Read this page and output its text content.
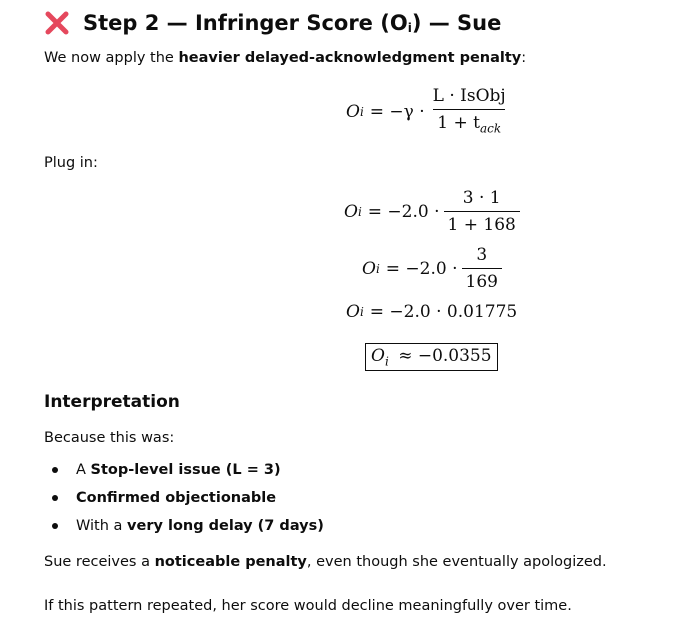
Step 2 — Infringer Score (O i ) — Sue
We now apply the heavier delayed-acknowledgment penalty:
O $i = -\gamma \cdot \frac{\text{L · IsObj}}{1 + t_{ack}}$
Plug in:
O $i = -2.0 \cdot \frac{3 \cdot 1}{1 + 168}$
O $i = -2.0 \cdot \frac{3}{169}$
O i = −2.0 · 0.01775
$O_i \approx -0.0355$
Interpretation
Because this was:
A Stop-level issue (L = 3)
Confirmed objectionable
With a very long delay (7 days)
Sue receives a noticeable penalty, even though she eventually apologized.
If this pattern repeated, her score would decline meaningfully over time.
